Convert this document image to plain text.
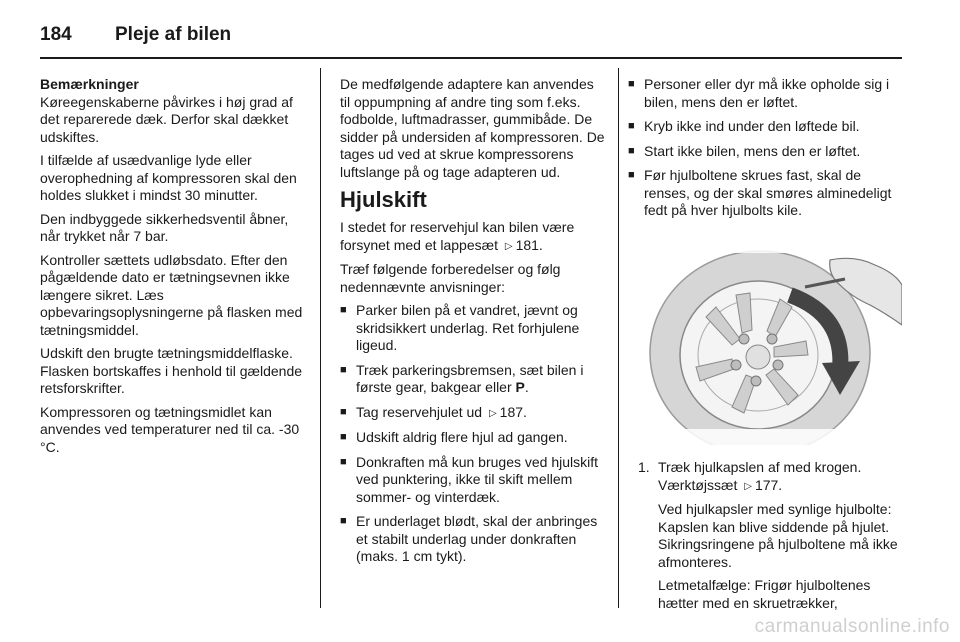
184	Pleje af bilen

Bemærkninger

Køreegenskaberne påvirkes i høj grad af det reparerede dæk. Derfor skal dækket udskiftes.

I tilfælde af usædvanlige lyde eller overophedning af kompressoren skal den holdes slukket i mindst 30 minutter.

Den indbyggede sikkerhedsventil åbner, når trykket når 7 bar.

Kontroller sættets udløbsdato. Efter den pågældende dato er tætningsevnen ikke længere sikret. Læs opbevaringsoplysningerne på flasken med tætningsmiddel.

Udskift den brugte tætningsmiddelflaske. Flasken bortskaffes i henhold til gældende retsforskrifter.

Kompressoren og tætningsmidlet kan anvendes ved temperaturer ned til ca. -30 °C.

De medfølgende adaptere kan anvendes til oppumpning af andre ting som f.eks. fodbolde, luftmadrasser, gummibåde. De sidder på undersiden af kompressoren. De tages ud ved at skrue kompressorens luftslange på og tage adapteren ud.

Hjulskift

I stedet for reservehjul kan bilen være forsynet med et lappesæt ▷ 181.

Træf følgende forberedelser og følg nedennævnte anvisninger:

■ Parker bilen på et vandret, jævnt og skridsikkert underlag. Ret forhjulene ligeud.
■ Træk parkeringsbremsen, sæt bilen i første gear, bakgear eller P.
■ Tag reservehjulet ud ▷ 187.
■ Udskift aldrig flere hjul ad gangen.
■ Donkraften må kun bruges ved hjulskift ved punktering, ikke til skift mellem sommer- og vinterdæk.
■ Er underlaget blødt, skal der anbringes et stabilt underlag under donkraften (maks. 1 cm tykt).
■ Personer eller dyr må ikke opholde sig i bilen, mens den er løftet.
■ Kryb ikke ind under den løftede bil.
■ Start ikke bilen, mens den er løftet.
■ Før hjulboltene skrues fast, skal de renses, og der skal smøres alminedeligt fedt på hver hjulbolts kile.
1. Træk hjulkapslen af med krogen. Værktøjssæt ▷ 177.
Ved hjulkapsler med synlige hjulbolte: Kapslen kan blive siddende på hjulet. Sikringsringene på hjulboltene må ikke afmonteres.
Letmetalfælge: Frigør hjulboltenes hætter med en skruetrækker,
carmanualsonline.info
